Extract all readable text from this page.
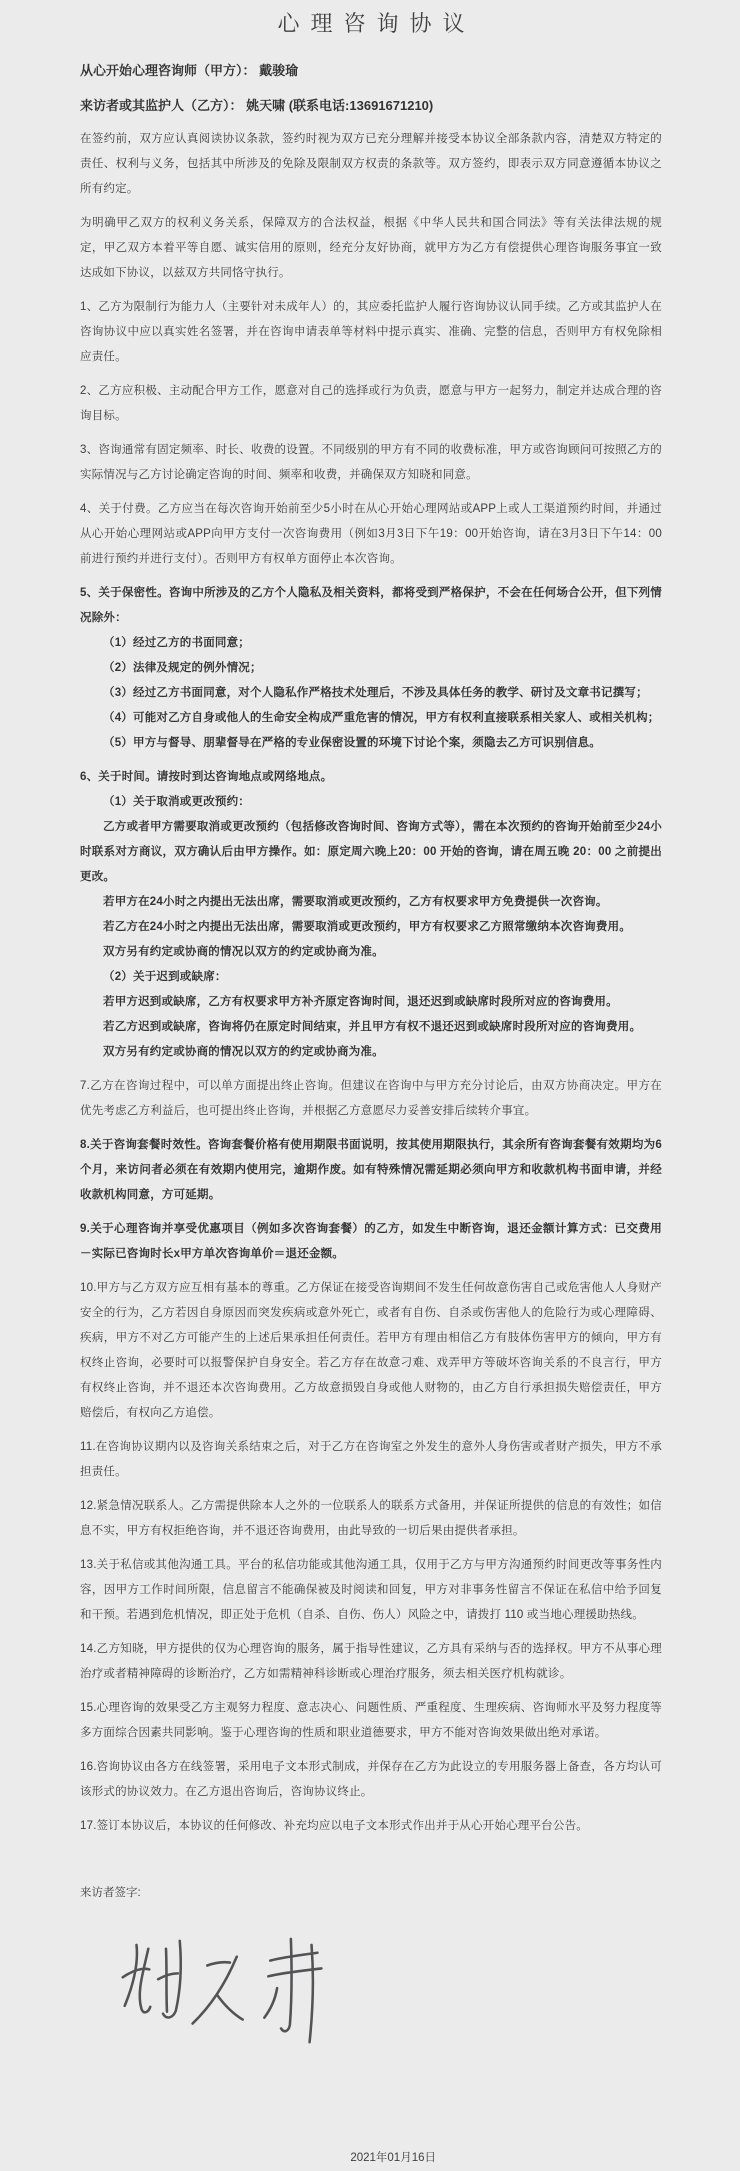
心理咨询协议
从心开始心理咨询师（甲方）： 戴骏瑜
来访者或其监护人（乙方）： 姚天啸 (联系电话:13691671210)
在签约前，双方应认真阅读协议条款，签约时视为双方已充分理解并接受本协议全部条款内容，清楚双方特定的责任、权利与义务，包括其中所涉及的免除及限制双方权责的条款等。双方签约，即表示双方同意遵循本协议之所有约定。
为明确甲乙双方的权利义务关系，保障双方的合法权益，根据《中华人民共和国合同法》等有关法律法规的规定，甲乙双方本着平等自愿、诚实信用的原则，经充分友好协商，就甲方为乙方有偿提供心理咨询服务事宜一致达成如下协议，以兹双方共同恪守执行。
1、乙方为限制行为能力人（主要针对未成年人）的，其应委托监护人履行咨询协议认同手续。乙方或其监护人在咨询协议中应以真实姓名签署，并在咨询申请表单等材料中提示真实、准确、完整的信息，否则甲方有权免除相应责任。
2、乙方应积极、主动配合甲方工作，愿意对自己的选择或行为负责，愿意与甲方一起努力，制定并达成合理的咨询目标。
3、咨询通常有固定频率、时长、收费的设置。不同级别的甲方有不同的收费标准，甲方或咨询顾问可按照乙方的实际情况与乙方讨论确定咨询的时间、频率和收费，并确保双方知晓和同意。
4、关于付费。乙方应当在每次咨询开始前至少5小时在从心开始心理网站或APP上或人工渠道预约时间，并通过从心开始心理网站或APP向甲方支付一次咨询费用（例如3月3日下午19：00开始咨询，请在3月3日下午14：00前进行预约并进行支付）。否则甲方有权单方面停止本次咨询。
5、关于保密性。咨询中所涉及的乙方个人隐私及相关资料，都将受到严格保护，不会在任何场合公开，但下列情况除外：
（1）经过乙方的书面同意；
（2）法律及规定的例外情况；
（3）经过乙方书面同意，对个人隐私作严格技术处理后，不涉及具体任务的教学、研讨及文章书记撰写；
（4）可能对乙方自身或他人的生命安全构成严重危害的情况，甲方有权利直接联系相关家人、或相关机构；
（5）甲方与督导、朋辈督导在严格的专业保密设置的环境下讨论个案，须隐去乙方可识别信息。
6、关于时间。请按时到达咨询地点或网络地点。
（1）关于取消或更改预约：
乙方或者甲方需要取消或更改预约（包括修改咨询时间、咨询方式等），需在本次预约的咨询开始前至少24小时联系对方商议，双方确认后由甲方操作。如：原定周六晚上20：00 开始的咨询，请在周五晚 20：00 之前提出更改。
若甲方在24小时之内提出无法出席，需要取消或更改预约，乙方有权要求甲方免费提供一次咨询。
若乙方在24小时之内提出无法出席，需要取消或更改预约，甲方有权要求乙方照常缴纳本次咨询费用。
双方另有约定或协商的情况以双方的约定或协商为准。
（2）关于迟到或缺席：
若甲方迟到或缺席，乙方有权要求甲方补齐原定咨询时间，退还迟到或缺席时段所对应的咨询费用。
若乙方迟到或缺席，咨询将仍在原定时间结束，并且甲方有权不退还迟到或缺席时段所对应的咨询费用。
双方另有约定或协商的情况以双方的约定或协商为准。
7.乙方在咨询过程中，可以单方面提出终止咨询。但建议在咨询中与甲方充分讨论后，由双方协商决定。甲方在优先考虑乙方利益后，也可提出终止咨询，并根据乙方意愿尽力妥善安排后续转介事宜。
8.关于咨询套餐时效性。咨询套餐价格有使用期限书面说明，按其使用期限执行，其余所有咨询套餐有效期均为6个月，来访问者必须在有效期内使用完，逾期作废。如有特殊情况需延期必须向甲方和收款机构书面申请，并经收款机构同意，方可延期。
9.关于心理咨询并享受优惠项目（例如多次咨询套餐）的乙方，如发生中断咨询，退还金额计算方式：已交费用－实际已咨询时长x甲方单次咨询单价＝退还金额。
10.甲方与乙方双方应互相有基本的尊重。乙方保证在接受咨询期间不发生任何故意伤害自己或危害他人人身财产安全的行为，乙方若因自身原因而突发疾病或意外死亡，或者有自伤、自杀或伤害他人的危险行为或心理障碍、疾病，甲方不对乙方可能产生的上述后果承担任何责任。若甲方有理由相信乙方有肢体伤害甲方的倾向，甲方有权终止咨询，必要时可以报警保护自身安全。若乙方存在故意刁难、戏弄甲方等破坏咨询关系的不良言行，甲方有权终止咨询，并不退还本次咨询费用。乙方故意损毁自身或他人财物的，由乙方自行承担损失赔偿责任，甲方赔偿后，有权向乙方追偿。
11.在咨询协议期内以及咨询关系结束之后，对于乙方在咨询室之外发生的意外人身伤害或者财产损失，甲方不承担责任。
12.紧急情况联系人。乙方需提供除本人之外的一位联系人的联系方式备用，并保证所提供的信息的有效性；如信息不实，甲方有权拒绝咨询，并不退还咨询费用，由此导致的一切后果由提供者承担。
13.关于私信或其他沟通工具。平台的私信功能或其他沟通工具，仅用于乙方与甲方沟通预约时间更改等事务性内容，因甲方工作时间所限，信息留言不能确保被及时阅读和回复，甲方对非事务性留言不保证在私信中给予回复和干预。若遇到危机情况，即正处于危机（自杀、自伤、伤人）风险之中，请拨打 110 或当地心理援助热线。
14.乙方知晓，甲方提供的仅为心理咨询的服务，属于指导性建议，乙方具有采纳与否的选择权。甲方不从事心理治疗或者精神障碍的诊断治疗，乙方如需精神科诊断或心理治疗服务，须去相关医疗机构就诊。
15.心理咨询的效果受乙方主观努力程度、意志决心、问题性质、严重程度、生理疾病、咨询师水平及努力程度等多方面综合因素共同影响。鉴于心理咨询的性质和职业道德要求，甲方不能对咨询效果做出绝对承诺。
16.咨询协议由各方在线签署，采用电子文本形式制成，并保存在乙方为此设立的专用服务器上备查，各方均认可该形式的协议效力。在乙方退出咨询后，咨询协议终止。
17.签订本协议后，本协议的任何修改、补充均应以电子文本形式作出并于从心开始心理平台公告。
来访者签字:
2021年01月16日
